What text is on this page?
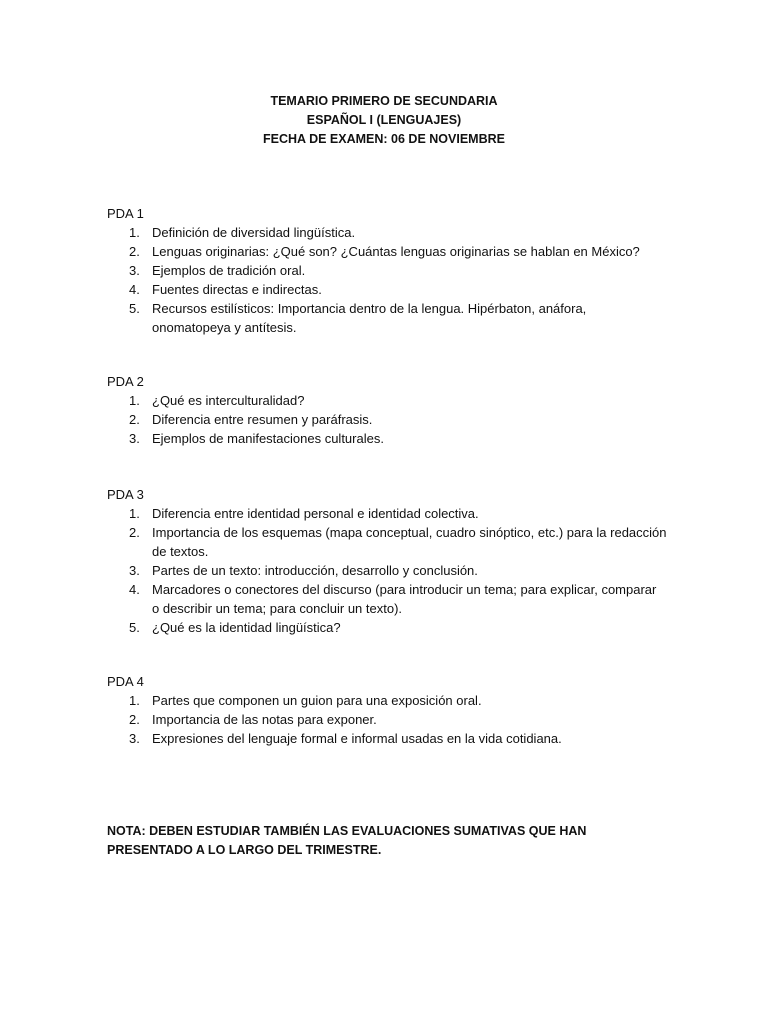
TEMARIO PRIMERO DE SECUNDARIA
ESPAÑOL I (LENGUAJES)
FECHA DE EXAMEN: 06 DE NOVIEMBRE
PDA 1
1. Definición de diversidad lingüística.
2. Lenguas originarias: ¿Qué son? ¿Cuántas lenguas originarias se hablan en México?
3. Ejemplos de tradición oral.
4. Fuentes directas e indirectas.
5. Recursos estilísticos: Importancia dentro de la lengua. Hipérbaton, anáfora, onomatopeya y antítesis.
PDA 2
1. ¿Qué es interculturalidad?
2. Diferencia entre resumen y paráfrasis.
3. Ejemplos de manifestaciones culturales.
PDA 3
1. Diferencia entre identidad personal e identidad colectiva.
2. Importancia de los esquemas (mapa conceptual, cuadro sinóptico, etc.) para la redacción de textos.
3. Partes de un texto: introducción, desarrollo y conclusión.
4. Marcadores o conectores del discurso (para introducir un tema; para explicar, comparar o describir un tema; para concluir un texto).
5. ¿Qué es la identidad lingüística?
PDA 4
1. Partes que componen un guion para una exposición oral.
2. Importancia de las notas para exponer.
3. Expresiones del lenguaje formal e informal usadas en la vida cotidiana.
NOTA: DEBEN ESTUDIAR TAMBIÉN LAS EVALUACIONES SUMATIVAS QUE HAN PRESENTADO A LO LARGO DEL TRIMESTRE.
